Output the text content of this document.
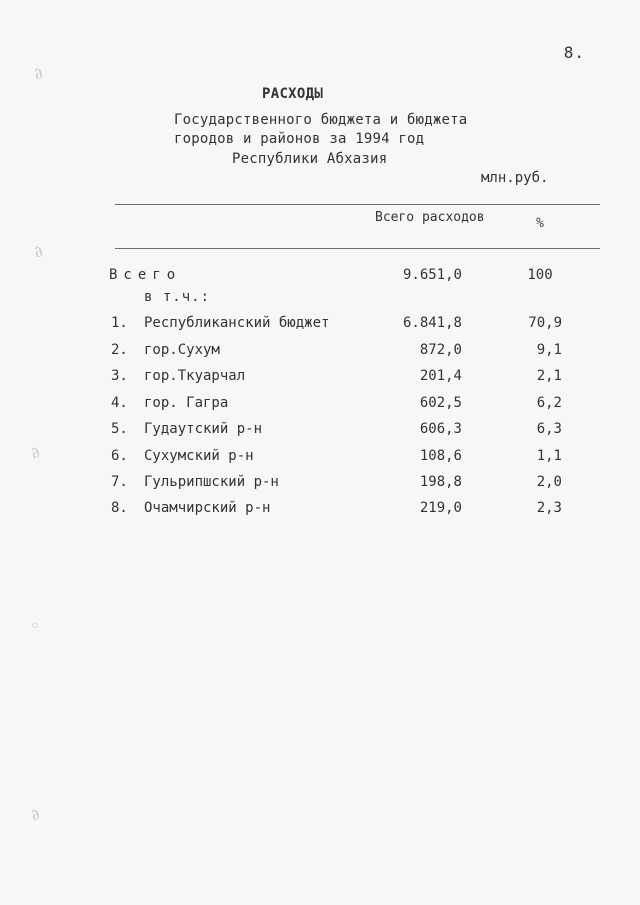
8.
РАСХОДЫ
Государственного бюджета и бюджета
городов и районов за 1994 год
Республики Абхазия
млн.руб.
Всего расходов	%
Всего	9.651,0	100
в т.ч.:
1.	Республиканский бюджет	6.841,8	70,9
2.	гор.Сухум	872,0	9,1
3.	гор.Ткуарчал	201,4	2,1
4.	гор. Гагра	602,5	6,2
5.	Гудаутский р-н	606,3	6,3
6.	Сухумский р-н	108,6	1,1
7.	Гульрипшский р-н	198,8	2,0
8.	Очамчирский р-н	219,0	2,3
∂
∂
∂
◦
∂
